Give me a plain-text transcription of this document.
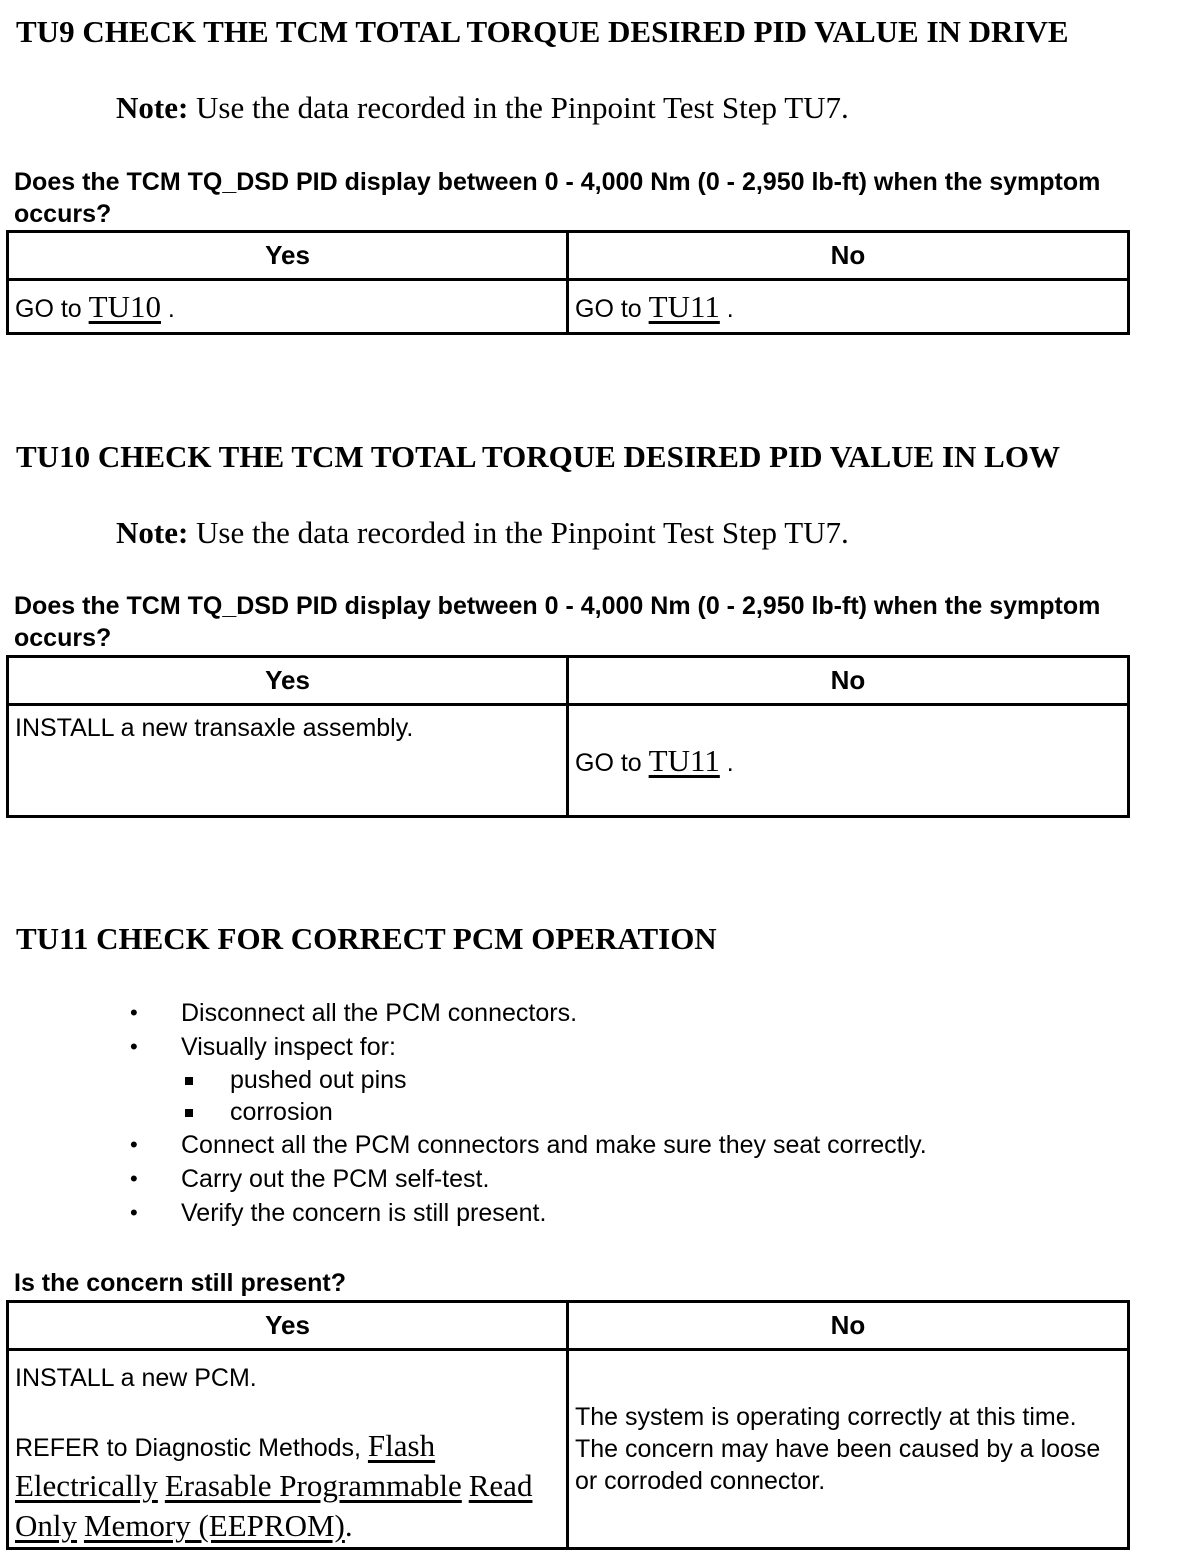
TU9 CHECK THE TCM TOTAL TORQUE DESIRED PID VALUE IN DRIVE
Note: Use the data recorded in the Pinpoint Test Step TU7.
Does the TCM TQ_DSD PID display between 0 - 4,000 Nm (0 - 2,950 lb-ft) when the symptom occurs?
Yes	No
GO to TU10 .	GO to TU11 .
TU10 CHECK THE TCM TOTAL TORQUE DESIRED PID VALUE IN LOW
Note: Use the data recorded in the Pinpoint Test Step TU7.
Does the TCM TQ_DSD PID display between 0 - 4,000 Nm (0 - 2,950 lb-ft) when the symptom occurs?
Yes	No
INSTALL a new transaxle assembly.	GO to TU11 .
TU11 CHECK FOR CORRECT PCM OPERATION
• Disconnect all the PCM connectors.
• Visually inspect for:
pushed out pins
corrosion
• Connect all the PCM connectors and make sure they seat correctly.
• Carry out the PCM self-test.
• Verify the concern is still present.
Is the concern still present?
Yes	No

INSTALL a new PCM.
REFER to Diagnostic Methods, Flash Electrically Erasable Programmable Read Only Memory (EEPROM).	The system is operating correctly at this time. The concern may have been caused by a loose or corroded connector.
